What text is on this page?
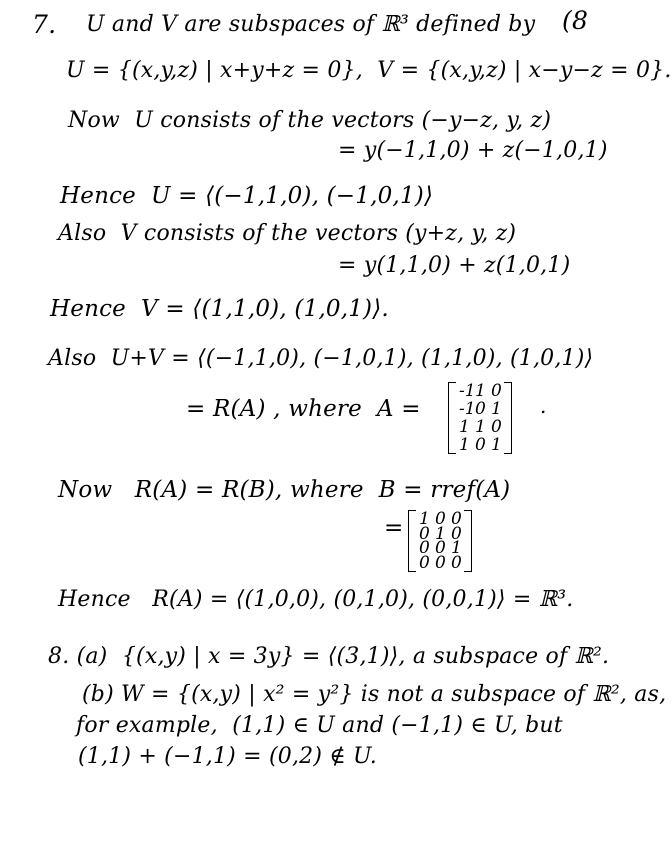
7. U and V are subspaces of ℝ³ defined by (8
U = {(x,y,z) | x+y+z = 0},  V = {(x,y,z) | x−y−z = 0}.
Now  U consists of the vectors (−y−z, y, z)
= y(−1,1,0) + z(−1,0,1)
Hence  U = ⟨(−1,1,0), (−1,0,1)⟩
Also  V consists of the vectors (y+z, y, z)
= y(1,1,0) + z(1,0,1)
Hence  V = ⟨(1,1,0), (1,0,1)⟩.
Also  U+V = ⟨(−1,1,0), (−1,0,1), (1,1,0), (1,0,1)⟩
= R(A) , where  A =
-1 1 0
-1 0 1
1 1 0
1 0 1
.
Now   R(A) = R(B), where  B = rref(A)
= 1 0 0
0 1 0
0 0 1
0 0 0
Hence   R(A) = ⟨(1,0,0), (0,1,0), (0,0,1)⟩ = ℝ³.
8. (a)  {(x,y) | x = 3y} = ⟨(3,1)⟩, a subspace of ℝ².
(b) W = {(x,y) | x² = y²} is not a subspace of ℝ², as,
for example,  (1,1) ∈ U and (−1,1) ∈ U, but
(1,1) + (−1,1) = (0,2) ∉ U.
